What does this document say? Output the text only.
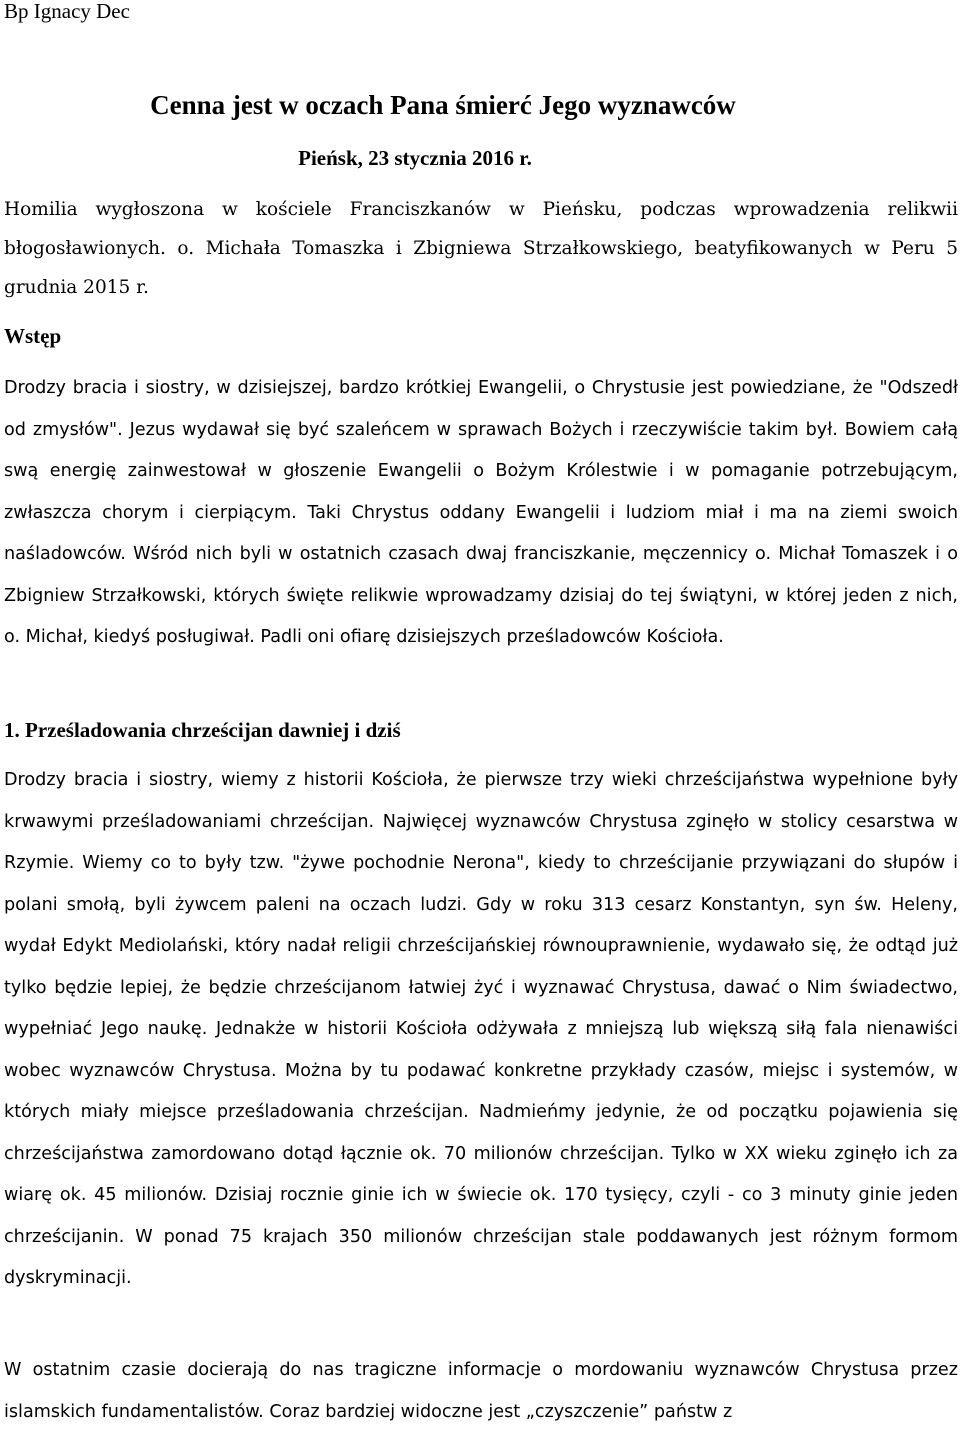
Bp Ignacy Dec
Cenna jest w oczach Pana śmierć Jego wyznawców
Pieńsk, 23 stycznia 2016 r.

Homilia wygłoszona w kościele Franciszkanów w Pieńsku, podczas wprowadzenia relikwii błogosławionych. o. Michała Tomaszka i Zbigniewa Strzałkowskiego, beatyfikowanych w Peru 5 grudnia 2015 r.

Wstęp

Drodzy bracia i siostry, w dzisiejszej, bardzo krótkiej Ewangelii, o Chrystusie jest powiedziane, że "Odszedł od zmysłów". Jezus wydawał się być szaleńcem w sprawach Bożych i rzeczywiście takim był. Bowiem całą swą energię zainwestował w głoszenie Ewangelii o Bożym Królestwie i w pomaganie potrzebującym, zwłaszcza chorym i cierpiącym. Taki Chrystus oddany Ewangelii i ludziom miał i ma na ziemi swoich naśladowców. Wśród nich byli w ostatnich czasach dwaj franciszkanie, męczennicy o. Michał Tomaszek i o Zbigniew Strzałkowski, których święte relikwie wprowadzamy dzisiaj do tej świątyni, w której jeden z nich, o. Michał, kiedyś posługiwał. Padli oni ofiarę dzisiejszych prześladowców Kościoła.

1. Prześladowania chrześcijan dawniej i dziś

Drodzy bracia i siostry, wiemy z historii Kościoła, że pierwsze trzy wieki chrześcijaństwa wypełnione były krwawymi prześladowaniami chrześcijan. Najwięcej wyznawców Chrystusa zginęło w stolicy cesarstwa w Rzymie. Wiemy co to były tzw. "żywe pochodnie Nerona", kiedy to chrześcijanie przywiązani do słupów i polani smołą, byli żywcem paleni na oczach ludzi. Gdy w roku 313 cesarz Konstantyn, syn św. Heleny, wydał Edykt Mediolański, który nadał religii chrześcijańskiej równouprawnienie, wydawało się, że odtąd już tylko będzie lepiej, że będzie chrześcijanom łatwiej żyć i wyznawać Chrystusa, dawać o Nim świadectwo, wypełniać Jego naukę. Jednakże w historii Kościoła odżywała z mniejszą lub większą siłą fala nienawiści wobec wyznawców Chrystusa. Można by tu podawać konkretne przykłady czasów, miejsc i systemów, w których miały miejsce prześladowania chrześcijan. Nadmieńmy jedynie, że od początku pojawienia się chrześcijaństwa zamordowano dotąd łącznie ok. 70 milionów chrześcijan. Tylko w XX wieku zginęło ich za wiarę ok. 45 milionów. Dzisiaj rocznie ginie ich w świecie ok. 170 tysięcy, czyli - co 3 minuty ginie jeden chrześcijanin. W ponad 75 krajach 350 milionów chrześcijan stale poddawanych jest różnym formom dyskryminacji.

W ostatnim czasie docierają do nas tragiczne informacje o mordowaniu wyznawców Chrystusa przez islamskich fundamentalistów. Coraz bardziej widoczne jest „czyszczenie” państw z
